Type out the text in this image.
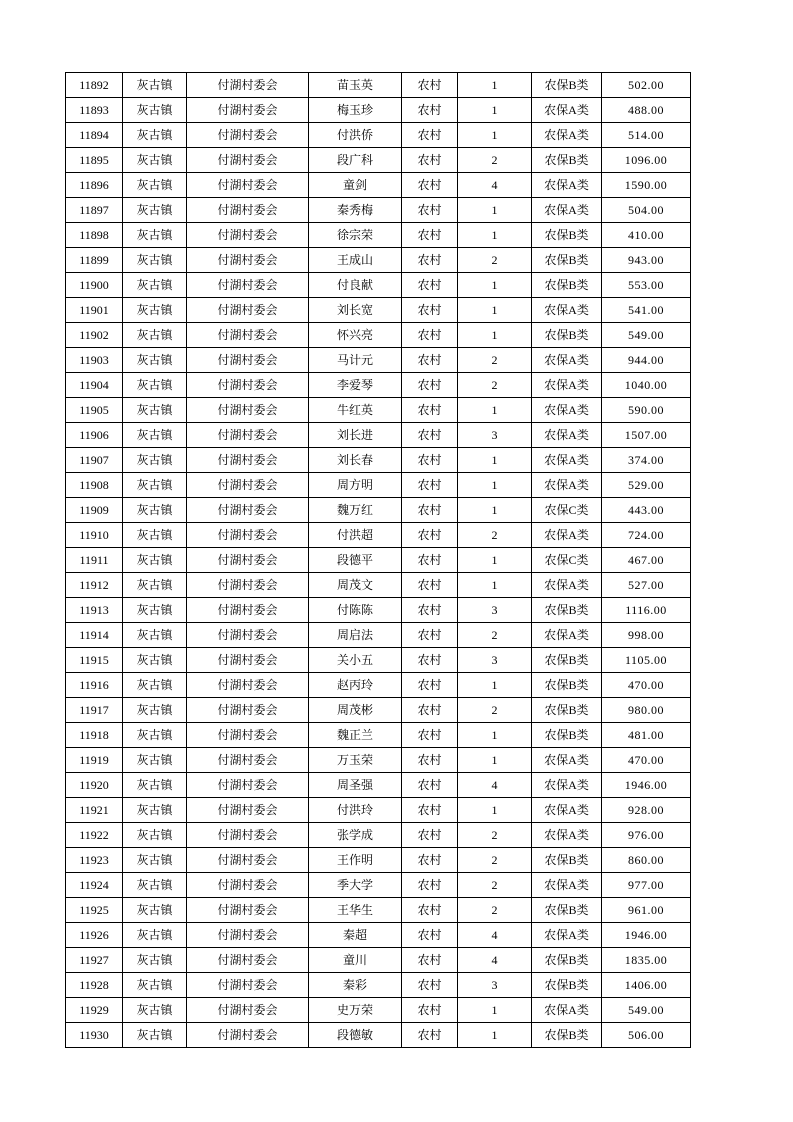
11892	灰古镇	付湖村委会	苗玉英	农村	1	农保B类	502.00
11893	灰古镇	付湖村委会	梅玉珍	农村	1	农保A类	488.00
11894	灰古镇	付湖村委会	付洪侨	农村	1	农保A类	514.00
11895	灰古镇	付湖村委会	段广科	农村	2	农保B类	1096.00
11896	灰古镇	付湖村委会	童剑	农村	4	农保A类	1590.00
11897	灰古镇	付湖村委会	秦秀梅	农村	1	农保A类	504.00
11898	灰古镇	付湖村委会	徐宗荣	农村	1	农保B类	410.00
11899	灰古镇	付湖村委会	王成山	农村	2	农保B类	943.00
11900	灰古镇	付湖村委会	付良献	农村	1	农保B类	553.00
11901	灰古镇	付湖村委会	刘长宽	农村	1	农保A类	541.00
11902	灰古镇	付湖村委会	怀兴亮	农村	1	农保B类	549.00
11903	灰古镇	付湖村委会	马计元	农村	2	农保A类	944.00
11904	灰古镇	付湖村委会	李爱琴	农村	2	农保A类	1040.00
11905	灰古镇	付湖村委会	牛红英	农村	1	农保A类	590.00
11906	灰古镇	付湖村委会	刘长进	农村	3	农保A类	1507.00
11907	灰古镇	付湖村委会	刘长春	农村	1	农保A类	374.00
11908	灰古镇	付湖村委会	周方明	农村	1	农保A类	529.00
11909	灰古镇	付湖村委会	魏万红	农村	1	农保C类	443.00
11910	灰古镇	付湖村委会	付洪超	农村	2	农保A类	724.00
11911	灰古镇	付湖村委会	段德平	农村	1	农保C类	467.00
11912	灰古镇	付湖村委会	周茂文	农村	1	农保A类	527.00
11913	灰古镇	付湖村委会	付陈陈	农村	3	农保B类	1116.00
11914	灰古镇	付湖村委会	周启法	农村	2	农保A类	998.00
11915	灰古镇	付湖村委会	关小五	农村	3	农保B类	1105.00
11916	灰古镇	付湖村委会	赵丙玲	农村	1	农保B类	470.00
11917	灰古镇	付湖村委会	周茂彬	农村	2	农保B类	980.00
11918	灰古镇	付湖村委会	魏正兰	农村	1	农保B类	481.00
11919	灰古镇	付湖村委会	万玉荣	农村	1	农保A类	470.00
11920	灰古镇	付湖村委会	周圣强	农村	4	农保A类	1946.00
11921	灰古镇	付湖村委会	付洪玲	农村	1	农保A类	928.00
11922	灰古镇	付湖村委会	张学成	农村	2	农保A类	976.00
11923	灰古镇	付湖村委会	王作明	农村	2	农保B类	860.00
11924	灰古镇	付湖村委会	季大学	农村	2	农保A类	977.00
11925	灰古镇	付湖村委会	王华生	农村	2	农保B类	961.00
11926	灰古镇	付湖村委会	秦超	农村	4	农保A类	1946.00
11927	灰古镇	付湖村委会	童川	农村	4	农保B类	1835.00
11928	灰古镇	付湖村委会	秦彩	农村	3	农保B类	1406.00
11929	灰古镇	付湖村委会	史万荣	农村	1	农保A类	549.00
11930	灰古镇	付湖村委会	段德敏	农村	1	农保B类	506.00
